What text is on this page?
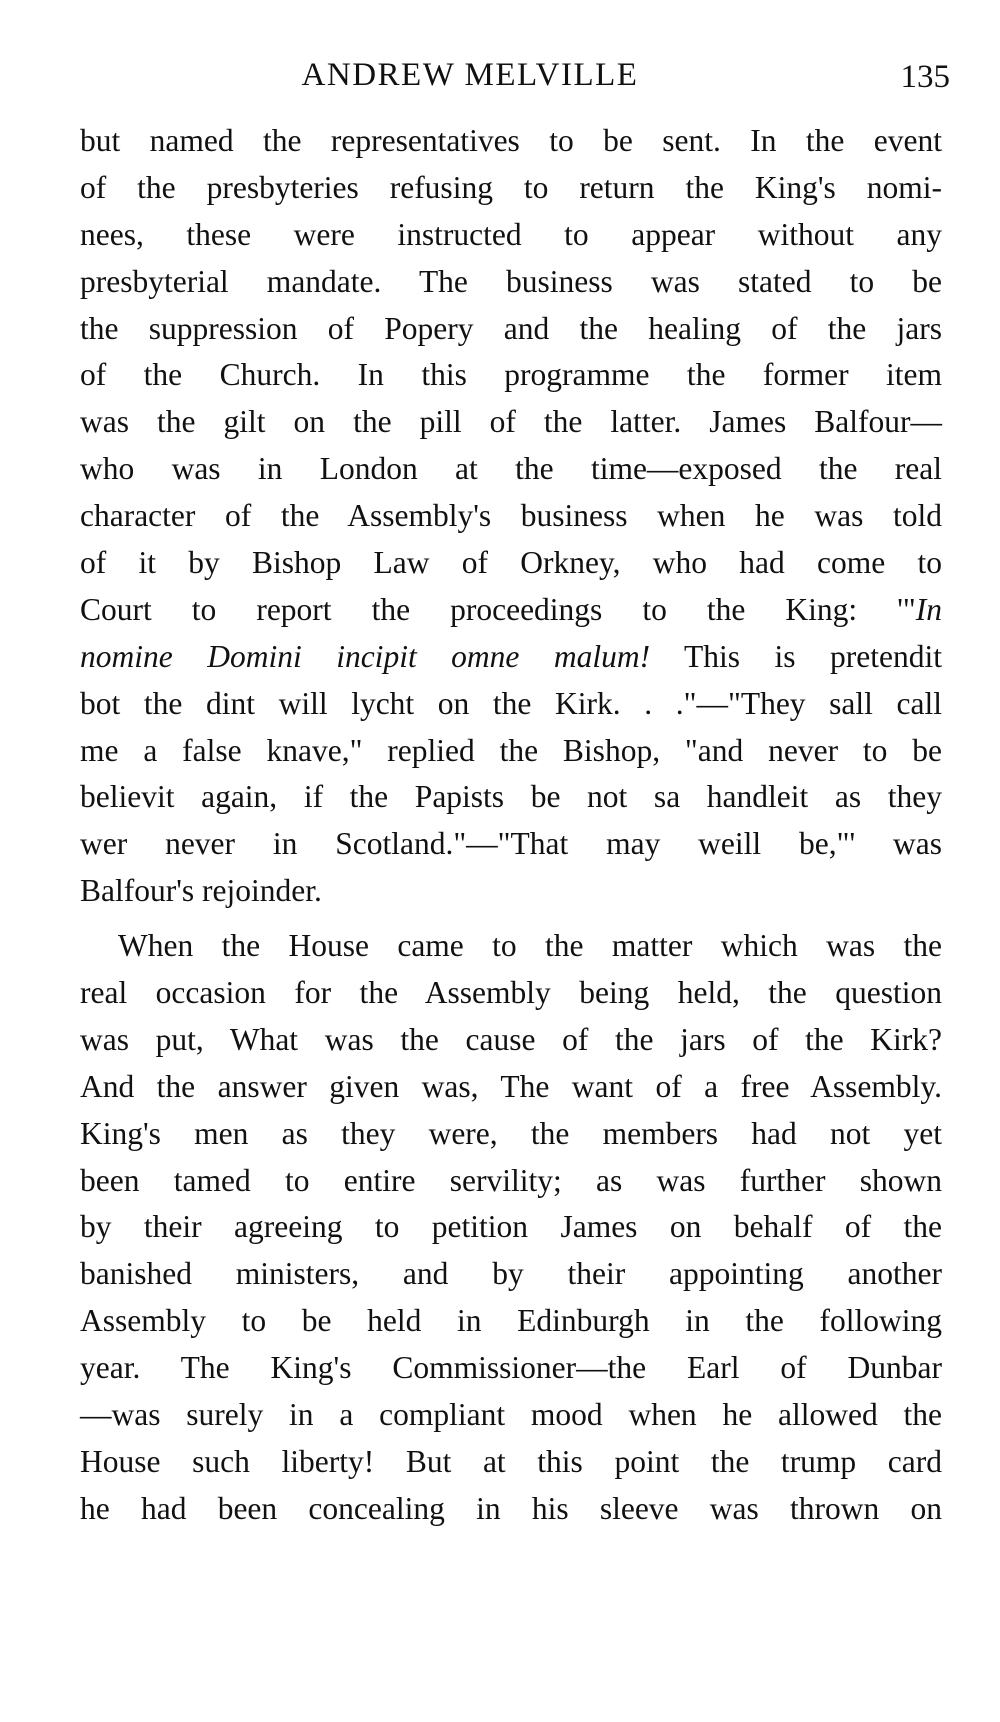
ANDREW MELVILLE	135
but named the representatives to be sent. In the event
of the presbyteries refusing to return the King's nomi-
nees, these were instructed to appear without any
presbyterial mandate. The business was stated to be
the suppression of Popery and the healing of the jars
of the Church. In this programme the former item
was the gilt on the pill of the latter. James Balfour—
who was in London at the time—exposed the real
character of the Assembly's business when he was told
of it by Bishop Law of Orkney, who had come to
Court to report the proceedings to the King: '"In
nomine Domini incipit omne malum! This is pretendit
bot the dint will lycht on the Kirk. . ."—"They sall call
me a false knave," replied the Bishop, "and never to be
believit again, if the Papists be not sa handleit as they
wer never in Scotland."—"That may weill be,"' was
Balfour's rejoinder.
When the House came to the matter which was the
real occasion for the Assembly being held, the question
was put, What was the cause of the jars of the Kirk?
And the answer given was, The want of a free Assembly.
King's men as they were, the members had not yet
been tamed to entire servility; as was further shown
by their agreeing to petition James on behalf of the
banished ministers, and by their appointing another
Assembly to be held in Edinburgh in the following
year. The King's Commissioner—the Earl of Dunbar
—was surely in a compliant mood when he allowed the
House such liberty! But at this point the trump card
he had been concealing in his sleeve was thrown on
